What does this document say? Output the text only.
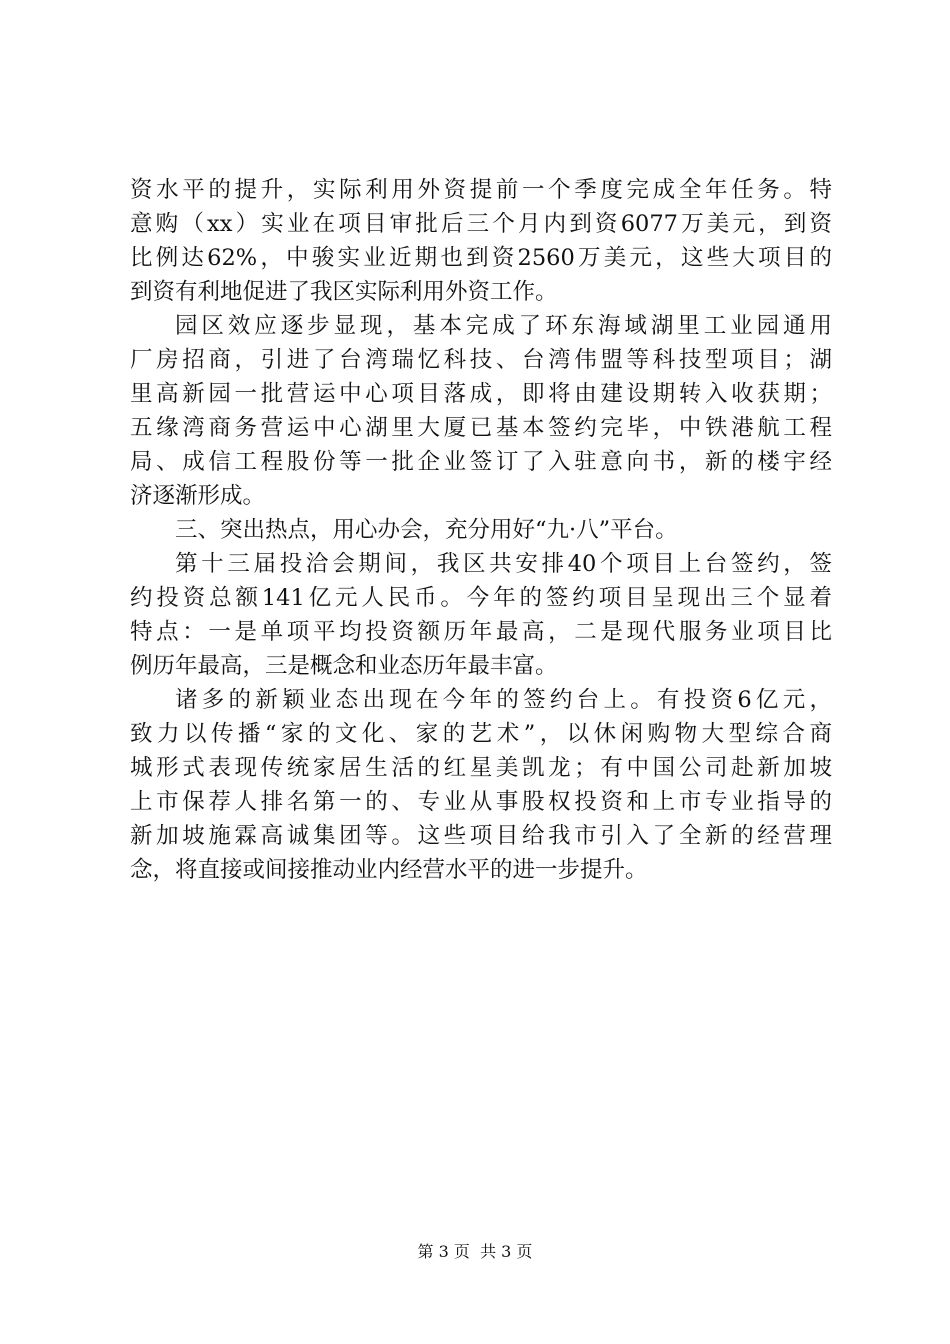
资水平的提升，实际利用外资提前一个季度完成全年任务。特
意购（xx）实业在项目审批后三个月内到资6077万美元，到资
比例达62%，中骏实业近期也到资2560万美元，这些大项目的
到资有利地促进了我区实际利用外资工作。
园区效应逐步显现，基本完成了环东海域湖里工业园通用
厂房招商，引进了台湾瑞忆科技、台湾伟盟等科技型项目；湖
里高新园一批营运中心项目落成，即将由建设期转入收获期；
五缘湾商务营运中心湖里大厦已基本签约完毕，中铁港航工程
局、成信工程股份等一批企业签订了入驻意向书，新的楼宇经
济逐渐形成。
三、突出热点，用心办会，充分用好“九·八”平台。
第十三届投洽会期间，我区共安排40个项目上台签约，签
约投资总额141亿元人民币。今年的签约项目呈现出三个显着
特点：一是单项平均投资额历年最高，二是现代服务业项目比
例历年最高，三是概念和业态历年最丰富。
诸多的新颖业态出现在今年的签约台上。有投资6亿元，
致力以传播“家的文化、家的艺术”，以休闲购物大型综合商
城形式表现传统家居生活的红星美凯龙；有中国公司赴新加坡
上市保荐人排名第一的、专业从事股权投资和上市专业指导的
新加坡施霖高诚集团等。这些项目给我市引入了全新的经营理
念，将直接或间接推动业内经营水平的进一步提升。
第 3 页  共 3 页
